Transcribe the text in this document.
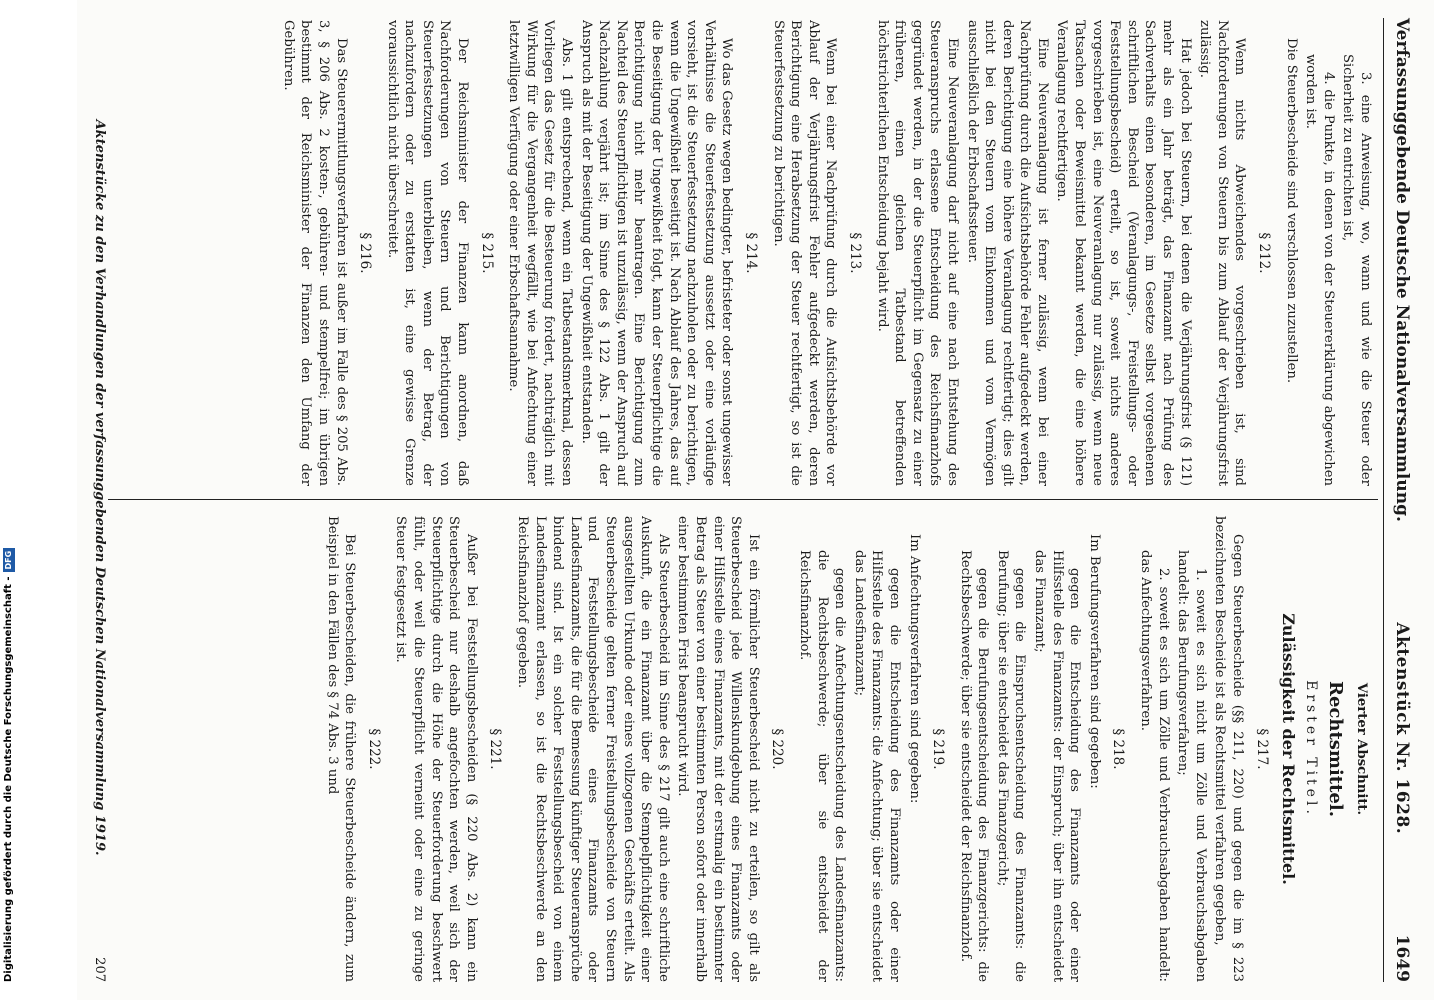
Digitalisierung gefördert durch die Deutsche Forschungsgemeinschaft -DFG
Verfassunggebende Deutsche Nationalversammlung.
Aktenstück Nr. 1628.
1649

3. eine Anweisung, wo, wann und wie die Steuer oder Sicherheit zu entrichten ist,

4. die Punkte, in denen von der Steuererklärung abgewichen worden ist.

Die Steuerbescheide sind verschlossen zuzustellen.

§ 212.

Wenn nichts Abweichendes vorgeschrieben ist, sind Nachforderungen von Steuern bis zum Ablauf der Verjährungsfrist zulässig.

Hat jedoch bei Steuern, bei denen die Verjährungsfrist (§ 121) mehr als ein Jahr beträgt, das Finanzamt nach Prüfung des Sachverhalts einen besonderen, im Gesetze selbst vorgesehenen schriftlichen Bescheid (Veranlagungs-, Freistellungs- oder Feststellungsbescheid) erteilt, so ist, soweit nichts anderes vorgeschrieben ist, eine Neuveranlagung nur zulässig, wenn neue Tatsachen oder Beweismittel bekannt werden, die eine höhere Veranlagung rechtfertigen.

Eine Neuveranlagung ist ferner zulässig, wenn bei einer Nachprüfung durch die Aufsichtsbehörde Fehler aufgedeckt werden, deren Berichtigung eine höhere Veranlagung rechtfertigt; dies gilt nicht bei den Steuern vom Einkommen und vom Vermögen ausschließlich der Erbschaftssteuer.

Eine Neuveranlagung darf nicht auf eine nach Entstehung des Steueranspruchs erlassene Entscheidung des Reichsfinanzhofs gegründet werden, in der die Steuerpflicht im Gegensatz zu einer früheren, einen gleichen Tatbestand betreffenden höchstrichterlichen Entscheidung bejaht wird.

§ 213.

Wenn bei einer Nachprüfung durch die Aufsichtsbehörde vor Ablauf der Verjährungsfrist Fehler aufgedeckt werden, deren Berichtigung eine Herabsetzung der Steuer rechtfertigt, so ist die Steuerfestsetzung zu berichtigen.

§ 214.

Wo das Gesetz wegen bedingter, befristeter oder sonst ungewisser Verhältnisse die Steuerfestsetzung aussetzt oder eine vorläufige vorsieht, ist die Steuerfestsetzung nachzuholen oder zu berichtigen, wenn die Ungewißheit beseitigt ist. Nach Ablauf des Jahres, das auf die Beseitigung der Ungewißheit folgt, kann der Steuerpflichtige die Berichtigung nicht mehr beantragen. Eine Berichtigung zum Nachteil des Steuerpflichtigen ist unzulässig, wenn der Anspruch auf Nachzahlung verjährt ist; im Sinne des § 122 Abs. 1 gilt der Anspruch als mit der Beseitigung der Ungewißheit entstanden.

Abs. 1 gilt entsprechend, wenn ein Tatbestandsmerkmal, dessen Vorliegen das Gesetz für die Besteuerung fordert, nachträglich mit Wirkung für die Vergangenheit wegfällt, wie bei Anfechtung einer letztwilligen Verfügung oder einer Erbschaftsannahme.

§ 215.

Der Reichsminister der Finanzen kann anordnen, daß Nachforderungen von Steuern und Berichtigungen von Steuerfestsetzungen unterbleiben, wenn der Betrag, der nachzufordern oder zu erstatten ist, eine gewisse Grenze voraussichtlich nicht überschreitet.

§ 216.

Das Steuerermittlungsverfahren ist außer im Falle des § 205 Abs. 3, § 206 Abs. 2 kosten-, gebühren- und stempelfrei; im übrigen bestimmt der Reichsminister der Finanzen den Umfang der Gebühren.

Vierter Abschnitt.
Rechtsmittel.
Erster Titel.
Zulässigkeit der Rechtsmittel.
§ 217.

Gegen Steuerbescheide (§§ 211, 220) und gegen die im § 223 bezeichneten Bescheide ist als Rechtsmittel verfahren gegeben,

1. soweit es sich nicht um Zölle und Verbrauchsabgaben handelt: das Berufungsverfahren;

2. soweit es sich um Zölle und Verbrauchsabgaben handelt: das Anfechtungsverfahren.

§ 218.

Im Berufungsverfahren sind gegeben:

gegen die Entscheidung des Finanzamts oder einer Hilfsstelle des Finanzamts: der Einspruch; über ihn entscheidet das Finanzamt;

gegen die Einspruchsentscheidung des Finanzamts: die Berufung; über sie entscheidet das Finanzgericht;

gegen die Berufungsentscheidung des Finanzgerichts: die Rechtsbeschwerde; über sie entscheidet der Reichsfinanzhof.

§ 219.

Im Anfechtungsverfahren sind gegeben:

gegen die Entscheidung des Finanzamts oder einer Hilfsstelle des Finanzamts: die Anfechtung; über sie entscheidet das Landesfinanzamt;

gegen die Anfechtungsentscheidung des Landesfinanzamts: die Rechtsbeschwerde; über sie entscheidet der Reichsfinanzhof.

§ 220.

Ist ein förmlicher Steuerbescheid nicht zu erteilen, so gilt als Steuerbescheid jede Willenskundgebung eines Finanzamts oder einer Hilfsstelle eines Finanzamts, mit der erstmalig ein bestimmter Betrag als Steuer von einer bestimmten Person sofort oder innerhalb einer bestimmten Frist beansprucht wird.

Als Steuerbescheid im Sinne des § 217 gilt auch eine schriftliche Auskunft, die ein Finanzamt über die Stempelpflichtigkeit einer ausgestellten Urkunde oder eines vollzogenen Geschäfts erteilt. Als Steuerbescheide gelten ferner Freistellungsbescheide von Steuern und Feststellungsbescheide eines Finanzamts oder Landesfinanzamts, die für die Bemessung künftiger Steueransprüche bindend sind. Ist ein solcher Feststellungsbescheid von einem Landesfinanzamt erlassen, so ist die Rechtsbeschwerde an den Reichsfinanzhof gegeben.

§ 221.

Außer bei Feststellungsbescheiden (§ 220 Abs. 2) kann ein Steuerbescheid nur deshalb angefochten werden, weil sich der Steuerpflichtige durch die Höhe der Steuerforderung beschwert fühlt, oder weil die Steuerpflicht verneint oder eine zu geringe Steuer festgesetzt ist.

§ 222.

Bei Steuerbescheiden, die frühere Steuerbescheide ändern, zum Beispiel in den Fällen des § 74 Abs. 3 und

Aktenstücke zu den Verhandlungen der verfassunggebenden Deutschen Nationalversammlung 1919.
207
